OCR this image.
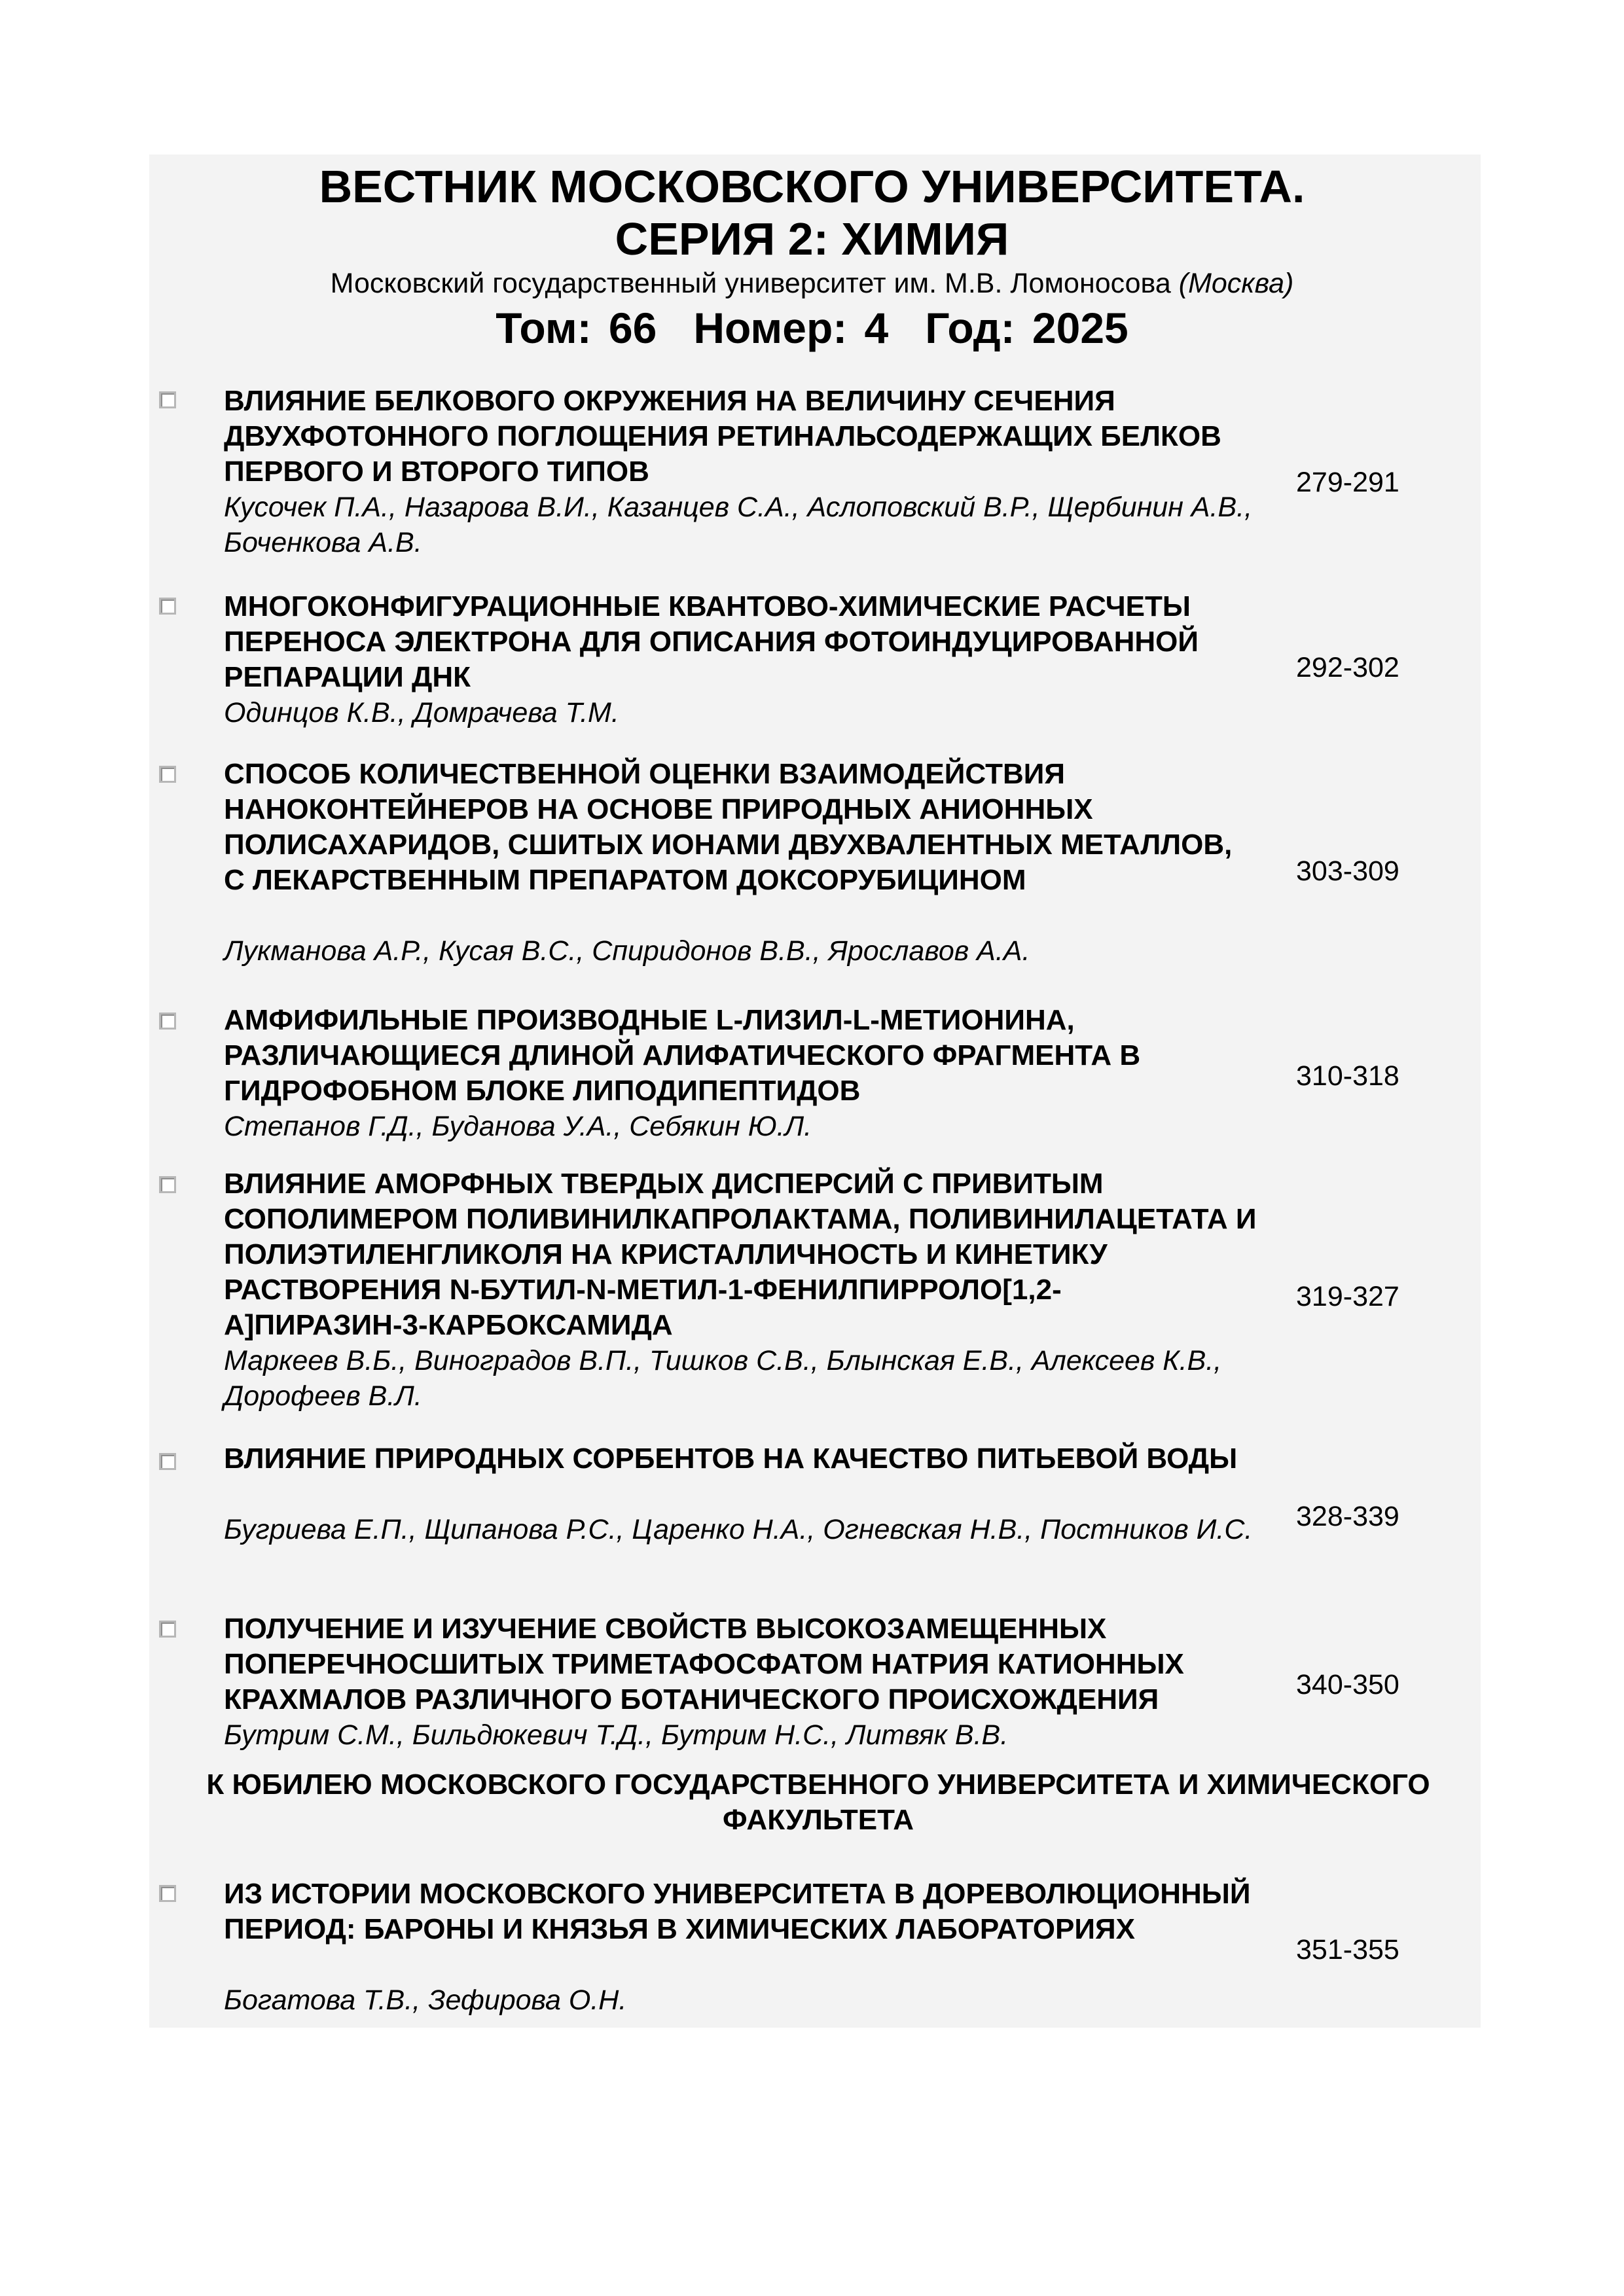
ВЕСТНИК МОСКОВСКОГО УНИВЕРСИТЕТА.
СЕРИЯ 2: ХИМИЯ
Московский государственный университет им. М.В. Ломоносова (Москва)
Том: 66 Номер: 4 Год: 2025
ВЛИЯНИЕ БЕЛКОВОГО ОКРУЖЕНИЯ НА ВЕЛИЧИНУ СЕЧЕНИЯ ДВУХФОТОННОГО ПОГЛОЩЕНИЯ РЕТИНАЛЬСОДЕРЖАЩИХ БЕЛКОВ ПЕРВОГО И ВТОРОГО ТИПОВ
Кусочек П.А., Назарова В.И., Казанцев С.А., Аслоповский В.Р., Щербинин А.В., Боченкова А.В.
279-291
МНОГОКОНФИГУРАЦИОННЫЕ КВАНТОВО-ХИМИЧЕСКИЕ РАСЧЕТЫ ПЕРЕНОСА ЭЛЕКТРОНА ДЛЯ ОПИСАНИЯ ФОТОИНДУЦИРОВАННОЙ РЕПАРАЦИИ ДНК
Одинцов К.В., Домрачева Т.М.
292-302
СПОСОБ КОЛИЧЕСТВЕННОЙ ОЦЕНКИ ВЗАИМОДЕЙСТВИЯ НАНОКОНТЕЙНЕРОВ НА ОСНОВЕ ПРИРОДНЫХ АНИОННЫХ ПОЛИСАХАРИДОВ, СШИТЫХ ИОНАМИ ДВУХВАЛЕНТНЫХ МЕТАЛЛОВ, С ЛЕКАРСТВЕННЫМ ПРЕПАРАТОМ ДОКСОРУБИЦИНОМ
Лукманова А.Р., Кусая В.С., Спиридонов В.В., Ярославов А.А.
303-309
АМФИФИЛЬНЫЕ ПРОИЗВОДНЫЕ L-ЛИЗИЛ-L-МЕТИОНИНА, РАЗЛИЧАЮЩИЕСЯ ДЛИНОЙ АЛИФАТИЧЕСКОГО ФРАГМЕНТА В ГИДРОФОБНОМ БЛОКЕ ЛИПОДИПЕПТИДОВ
Степанов Г.Д., Буданова У.А., Себякин Ю.Л.
310-318
ВЛИЯНИЕ АМОРФНЫХ ТВЕРДЫХ ДИСПЕРСИЙ С ПРИВИТЫМ СОПОЛИМЕРОМ ПОЛИВИНИЛКАПРОЛАКТАМА, ПОЛИВИНИЛАЦЕТАТА И ПОЛИЭТИЛЕНГЛИКОЛЯ НА КРИСТАЛЛИЧНОСТЬ И КИНЕТИКУ РАСТВОРЕНИЯ N-БУТИЛ-N-МЕТИЛ-1-ФЕНИЛПИРРОЛО[1,2-А]ПИРАЗИН-3-КАРБОКСАМИДА
Маркеев В.Б., Виноградов В.П., Тишков С.В., Блынская Е.В., Алексеев К.В., Дорофеев В.Л.
319-327
ВЛИЯНИЕ ПРИРОДНЫХ СОРБЕНТОВ НА КАЧЕСТВО ПИТЬЕВОЙ ВОДЫ
Бугриева Е.П., Щипанова Р.С., Царенко Н.А., Огневская Н.В., Постников И.С. 328-339
ПОЛУЧЕНИЕ И ИЗУЧЕНИЕ СВОЙСТВ ВЫСОКОЗАМЕЩЕННЫХ ПОПЕРЕЧНОСШИТЫХ ТРИМЕТАФОСФАТОМ НАТРИЯ КАТИОННЫХ КРАХМАЛОВ РАЗЛИЧНОГО БОТАНИЧЕСКОГО ПРОИСХОЖДЕНИЯ
Бутрим С.М., Бильдюкевич Т.Д., Бутрим Н.С., Литвяк В.В.
340-350
К ЮБИЛЕЮ МОСКОВСКОГО ГОСУДАРСТВЕННОГО УНИВЕРСИТЕТА И ХИМИЧЕСКОГО ФАКУЛЬТЕТА
ИЗ ИСТОРИИ МОСКОВСКОГО УНИВЕРСИТЕТА В ДОРЕВОЛЮЦИОННЫЙ ПЕРИОД: БАРОНЫ И КНЯЗЬЯ В ХИМИЧЕСКИХ ЛАБОРАТОРИЯХ
Богатова Т.В., Зефирова О.Н.
351-355
